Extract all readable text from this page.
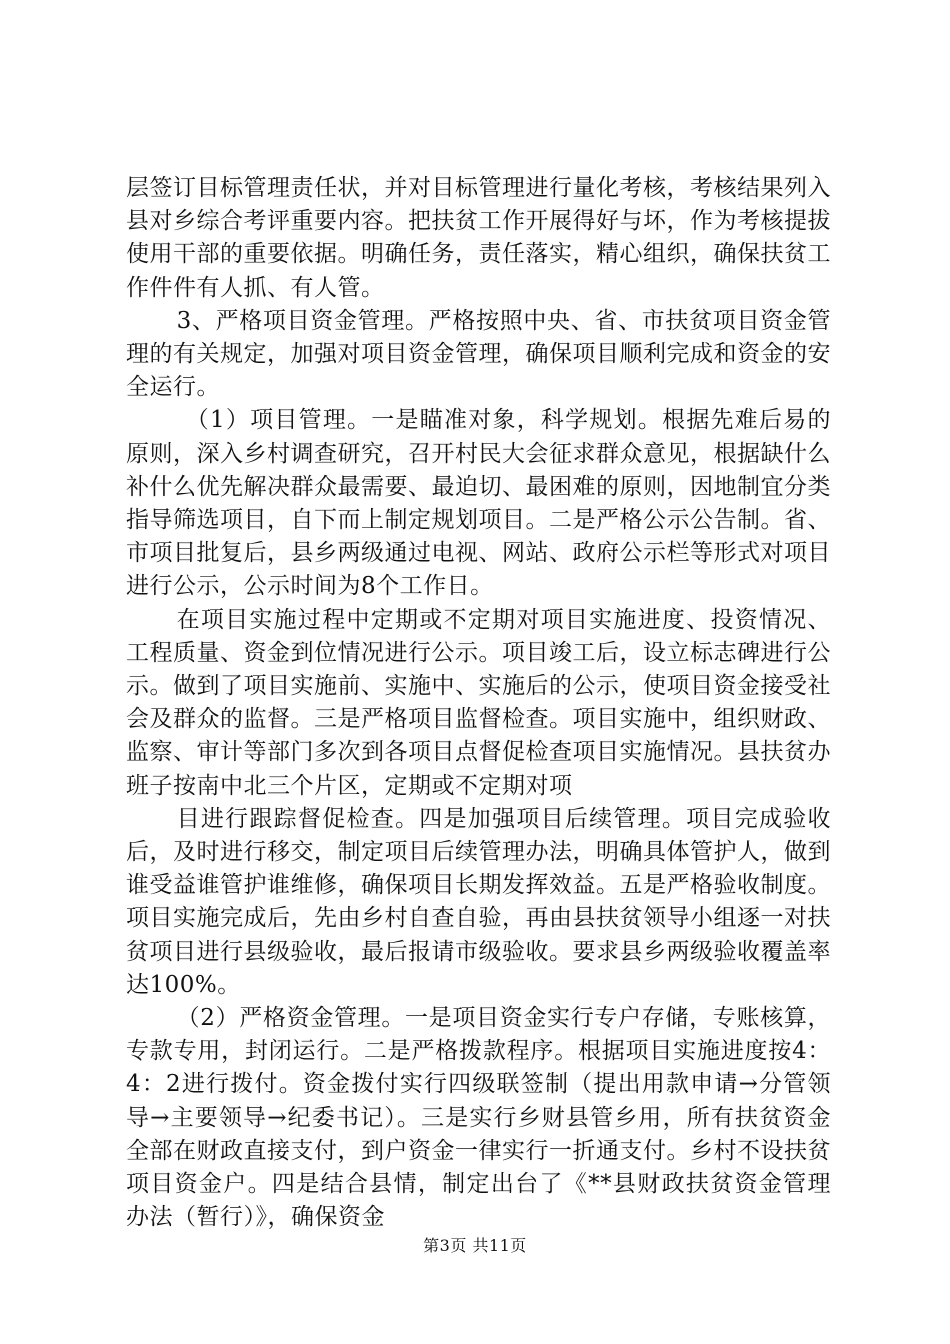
层签订目标管理责任状，并对目标管理进行量化考核，考核结果列入县对乡综合考评重要内容。把扶贫工作开展得好与坏，作为考核提拔使用干部的重要依据。明确任务，责任落实，精心组织，确保扶贫工作件件有人抓、有人管。

3、严格项目资金管理。严格按照中央、省、市扶贫项目资金管理的有关规定，加强对项目资金管理，确保项目顺利完成和资金的安全运行。

（1）项目管理。一是瞄准对象，科学规划。根据先难后易的原则，深入乡村调查研究，召开村民大会征求群众意见，根据缺什么补什么优先解决群众最需要、最迫切、最困难的原则，因地制宜分类指导筛选项目，自下而上制定规划项目。二是严格公示公告制。省、市项目批复后，县乡两级通过电视、网站、政府公示栏等形式对项目进行公示，公示时间为8个工作日。

在项目实施过程中定期或不定期对项目实施进度、投资情况、工程质量、资金到位情况进行公示。项目竣工后，设立标志碑进行公示。做到了项目实施前、实施中、实施后的公示，使项目资金接受社会及群众的监督。三是严格项目监督检查。项目实施中，组织财政、监察、审计等部门多次到各项目点督促检查项目实施情况。县扶贫办班子按南中北三个片区，定期或不定期对项

目进行跟踪督促检查。四是加强项目后续管理。项目完成验收后，及时进行移交，制定项目后续管理办法，明确具体管护人，做到谁受益谁管护谁维修，确保项目长期发挥效益。五是严格验收制度。项目实施完成后，先由乡村自查自验，再由县扶贫领导小组逐一对扶贫项目进行县级验收，最后报请市级验收。要求县乡两级验收覆盖率达100%。

（2）严格资金管理。一是项目资金实行专户存储，专账核算，专款专用，封闭运行。二是严格拨款程序。根据项目实施进度按4：4：2进行拨付。资金拨付实行四级联签制（提出用款申请→分管领导→主要领导→纪委书记）。三是实行乡财县管乡用，所有扶贫资金全部在财政直接支付，到户资金一律实行一折通支付。乡村不设扶贫项目资金户。四是结合县情，制定出台了《**县财政扶贫资金管理办法（暂行）》，确保资金

第3页 共11页
